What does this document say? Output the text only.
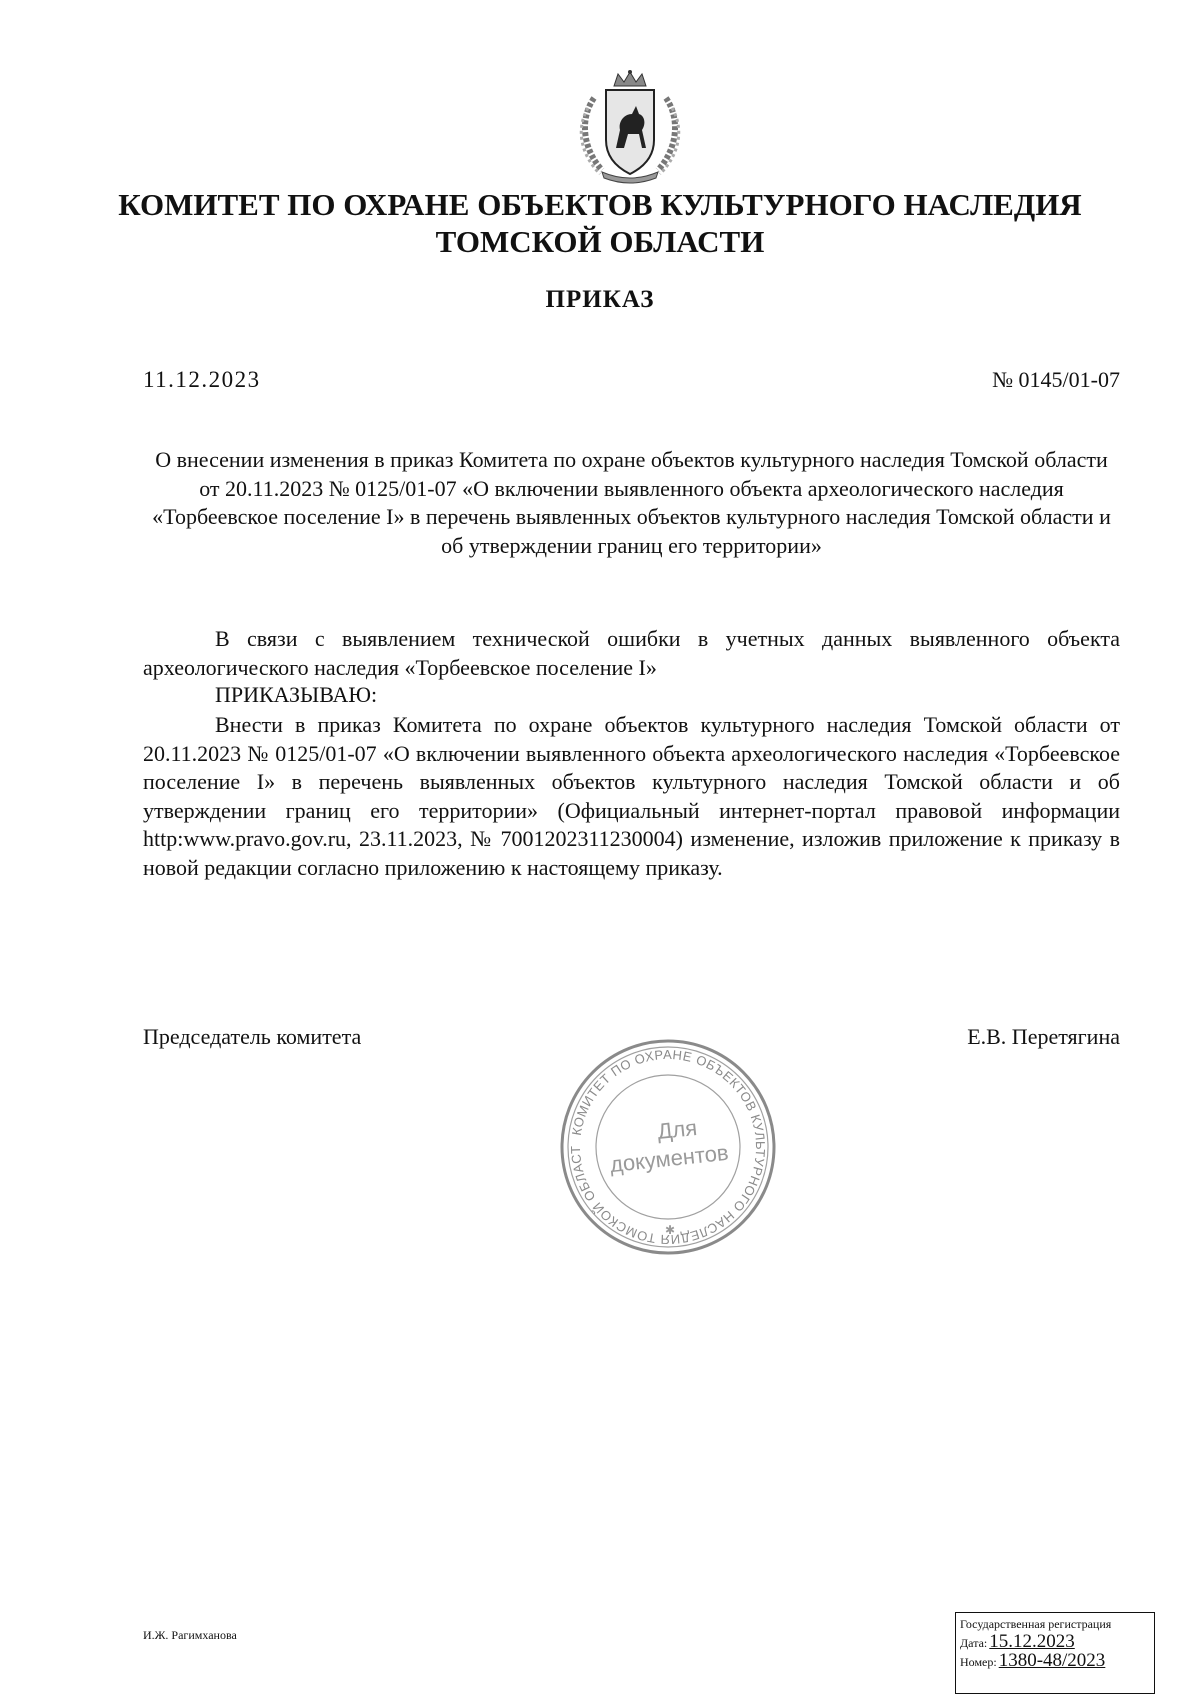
КОМИТЕТ ПО ОХРАНЕ ОБЪЕКТОВ КУЛЬТУРНОГО НАСЛЕДИЯ
ТОМСКОЙ ОБЛАСТИ
ПРИКАЗ
11.12.2023	№ 0145/01-07
О внесении изменения в приказ Комитета по охране объектов культурного наследия Томской области от 20.11.2023 № 0125/01-07 «О включении выявленного объекта археологического наследия «Торбеевское поселение I» в перечень выявленных объектов культурного наследия Томской области и об утверждении границ его территории»
В связи с выявлением технической ошибки в учетных данных выявленного объекта археологического наследия «Торбеевское поселение I»
ПРИКАЗЫВАЮ:
Внести в приказ Комитета по охране объектов культурного наследия Томской области от 20.11.2023 № 0125/01-07 «О включении выявленного объекта археологического наследия «Торбеевское поселение I» в перечень выявленных объектов культурного наследия Томской области и об утверждении границ его территории» (Официальный интернет-портал правовой информации http:www.pravo.gov.ru, 23.11.2023, № 7001202311230004) изменение, изложив приложение к приказу в новой редакции согласно приложению к настоящему приказу.
Председатель комитета	Е.В. Перетягина
КОМИТЕТ ПО ОХРАНЕ ОБЪЕКТОВ КУЛЬТУРНОГО НАСЛЕДИЯ ТОМСКОЙ ОБЛАСТ
Для
документов
✱
И.Ж. Рагимханова
Государственная регистрация
Дата: 15.12.2023
Номер: 1380-48/2023
